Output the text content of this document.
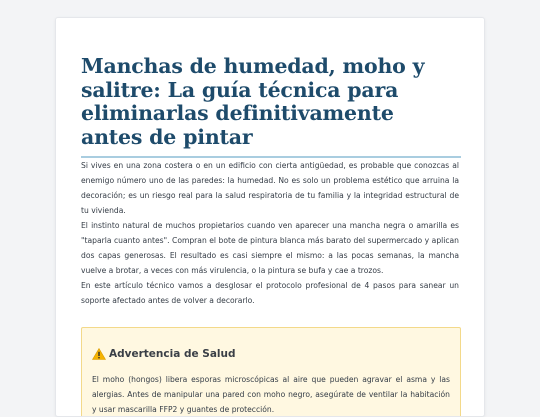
Manchas de humedad, moho y salitre: La guía técnica para eliminarlas definitivamente antes de pintar

Si vives en una zona costera o en un edificio con cierta antigüedad, es probable que conozcas al enemigo número uno de las paredes: la humedad. No es solo un problema estético que arruina la decoración; es un riesgo real para la salud respiratoria de tu familia y la integridad estructural de tu vivienda.

El instinto natural de muchos propietarios cuando ven aparecer una mancha negra o amarilla es "taparla cuanto antes". Compran el bote de pintura blanca más barato del supermercado y aplican dos capas generosas. El resultado es casi siempre el mismo: a las pocas semanas, la mancha vuelve a brotar, a veces con más virulencia, o la pintura se bufa y cae a trozos.

En este artículo técnico vamos a desglosar el protocolo profesional de 4 pasos para sanear un soporte afectado antes de volver a decorarlo.

Advertencia de Salud

El moho (hongos) libera esporas microscópicas al aire que pueden agravar el asma y las alergias. Antes de manipular una pared con moho negro, asegúrate de ventilar la habitación y usar mascarilla FFP2 y guantes de protección.
